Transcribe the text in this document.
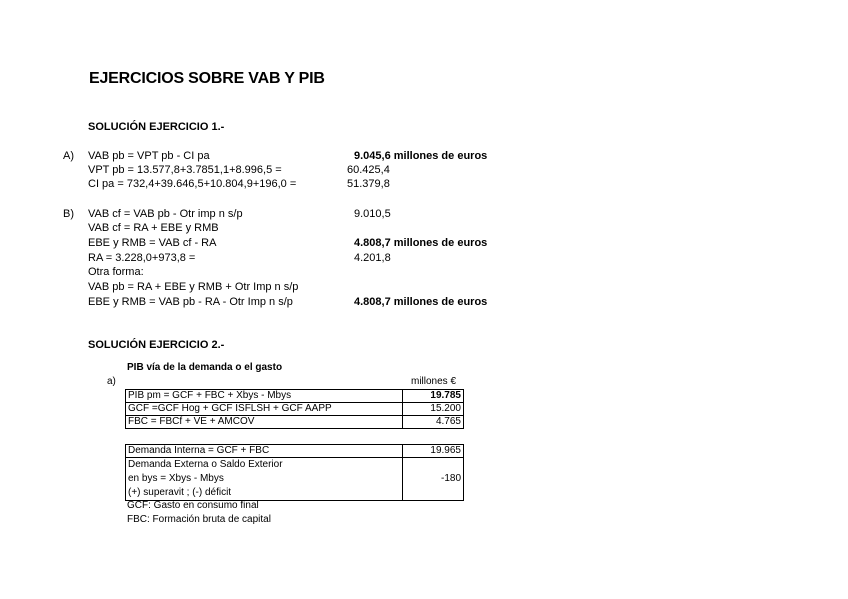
EJERCICIOS SOBRE VAB Y PIB
SOLUCIÓN EJERCICIO 1.-
A) VAB pb = VPT pb - CI pa	9.045,6 millones de euros
VPT pb = 13.577,8+3.7851,1+8.996,5 =	60.425,4
CI pa = 732,4+39.646,5+10.804,9+196,0 =	51.379,8
B) VAB cf = VAB pb - Otr imp n s/p	9.010,5
VAB cf = RA + EBE y RMB
EBE y RMB = VAB cf - RA	4.808,7 millones de euros
RA = 3.228,0+973,8 =	4.201,8
Otra forma:
VAB pb = RA + EBE y RMB + Otr Imp n s/p
EBE y RMB = VAB pb - RA - Otr Imp n s/p	4.808,7 millones de euros
SOLUCIÓN EJERCICIO 2.-
PIB vía de la demanda o el gasto
a)	millones €
PIB pm = GCF + FBC + Xbys - Mbys	19.785
GCF =GCF Hog + GCF ISFLSH + GCF AAPP	15.200
FBC = FBCf + VE + AMCOV	4.765
Demanda Interna = GCF + FBC	19.965

Demanda Externa o Saldo Exterior
en bys = Xbys - Mbys
(+) superavit ; (-) déficit	-180
GCF: Gasto en consumo final
FBC: Formación bruta de capital
